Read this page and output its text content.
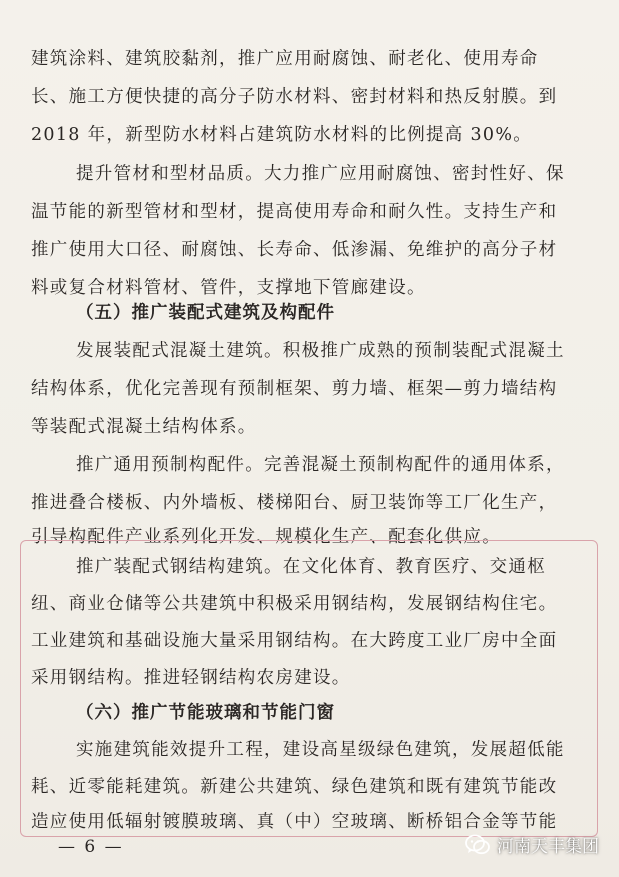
建筑涂料、建筑胶黏剂，推广应用耐腐蚀、耐老化、使用寿命
长、施工方便快捷的高分子防水材料、密封材料和热反射膜。到
2018 年，新型防水材料占建筑防水材料的比例提高 30%。
提升管材和型材品质。大力推广应用耐腐蚀、密封性好、保
温节能的新型管材和型材，提高使用寿命和耐久性。支持生产和
推广使用大口径、耐腐蚀、长寿命、低渗漏、免维护的高分子材
料或复合材料管材、管件，支撑地下管廊建设。
（五）推广装配式建筑及构配件
发展装配式混凝土建筑。积极推广成熟的预制装配式混凝土
结构体系，优化完善现有预制框架、剪力墙、框架—剪力墙结构
等装配式混凝土结构体系。
推广通用预制构配件。完善混凝土预制构配件的通用体系，
推进叠合楼板、内外墙板、楼梯阳台、厨卫装饰等工厂化生产，
引导构配件产业系列化开发、规模化生产、配套化供应。
推广装配式钢结构建筑。在文化体育、教育医疗、交通枢
纽、商业仓储等公共建筑中积极采用钢结构，发展钢结构住宅。
工业建筑和基础设施大量采用钢结构。在大跨度工业厂房中全面
采用钢结构。推进轻钢结构农房建设。
（六）推广节能玻璃和节能门窗
实施建筑能效提升工程，建设高星级绿色建筑，发展超低能
耗、近零能耗建筑。新建公共建筑、绿色建筑和既有建筑节能改
造应使用低辐射镀膜玻璃、真（中）空玻璃、断桥铝合金等节能
— 6 —	河南天丰集团
